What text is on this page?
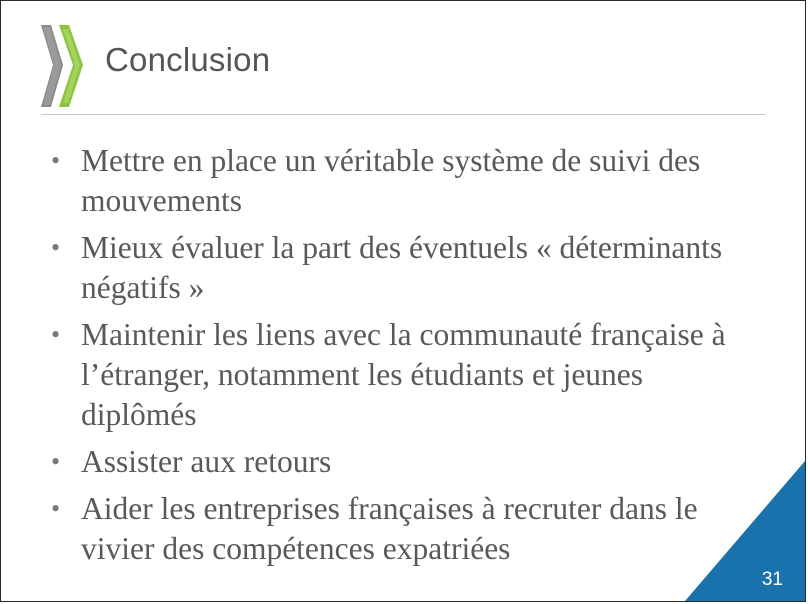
Conclusion
• Mettre en place un véritable système de suivi des mouvements
• Mieux évaluer la part des éventuels « déterminants négatifs »
• Maintenir les liens avec la communauté française à l’étranger, notamment les étudiants et jeunes diplômés
• Assister aux retours
• Aider les entreprises françaises à recruter dans le vivier des compétences expatriées
31
